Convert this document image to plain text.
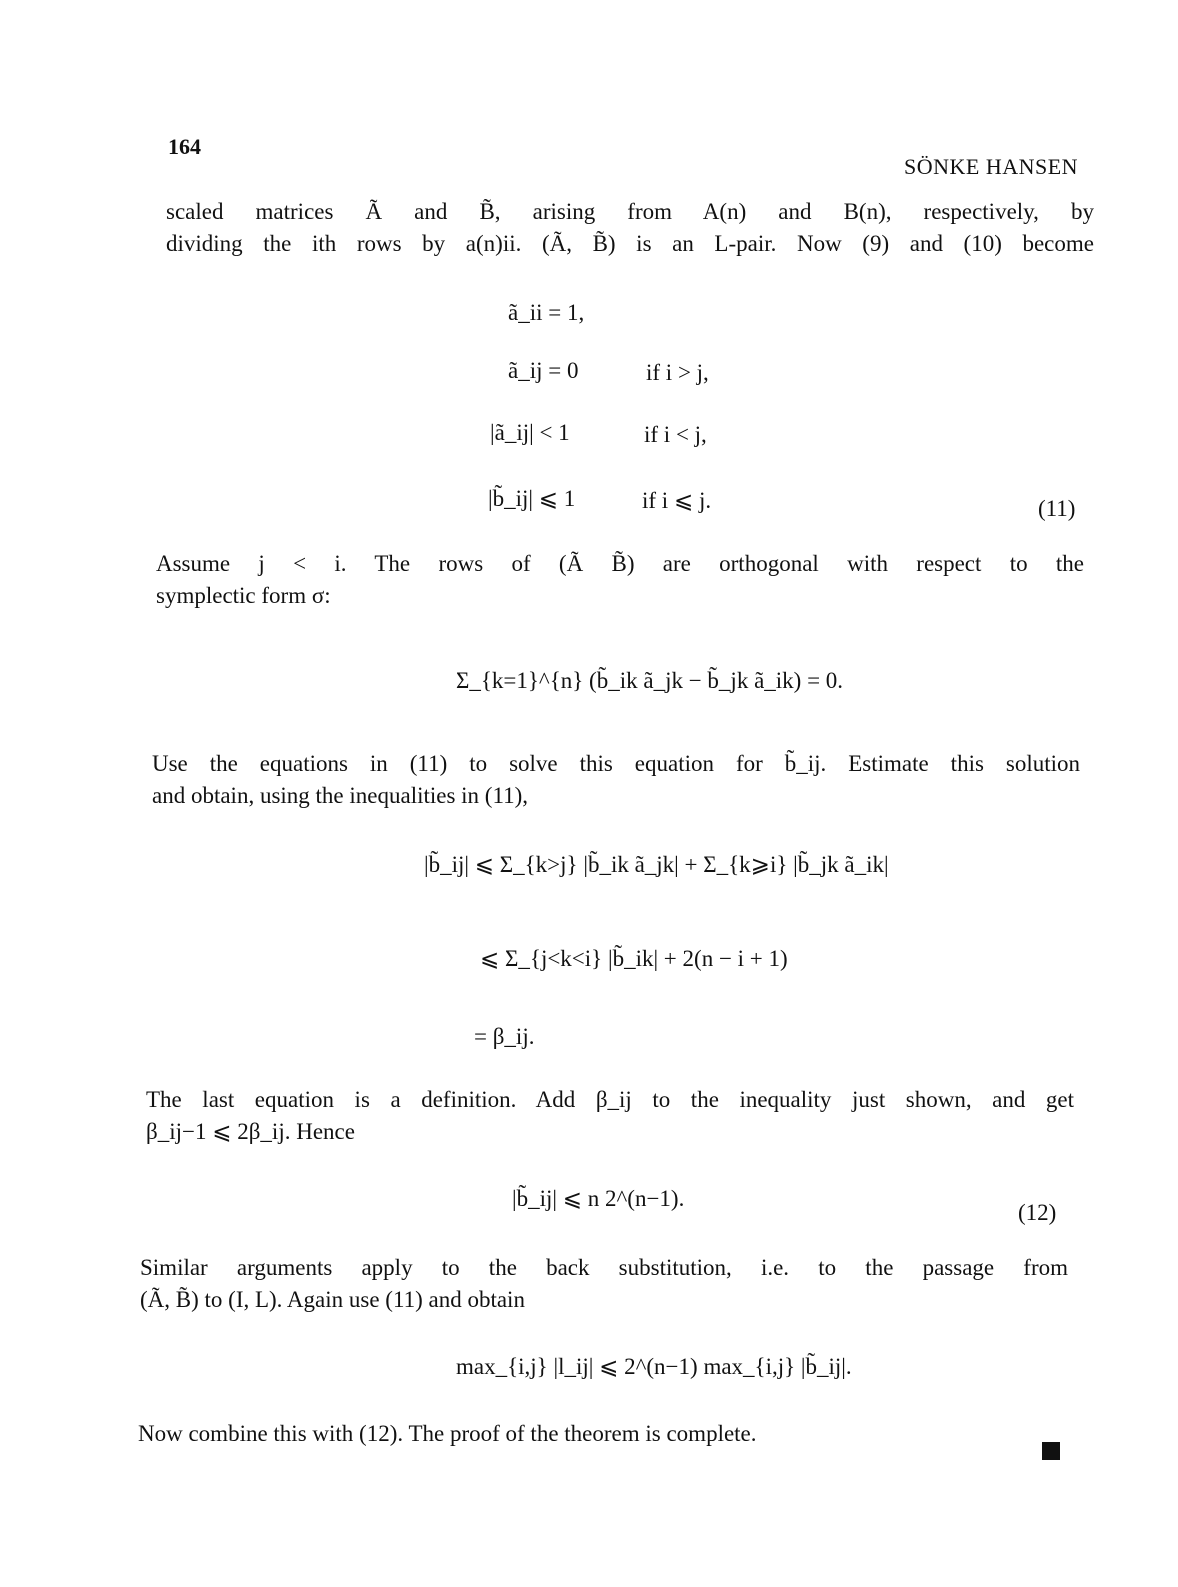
164
SÖNKE HANSEN
scaled matrices Ã and B̃, arising from A(n) and B(n), respectively, by
dividing the ith rows by a(n)ii. (Ã, B̃) is an L-pair. Now (9) and (10) become
ã_ii = 1,
ã_ij = 0	if i > j,
|ã_ij| < 1	if i < j,
|b̃_ij| ⩽ 1	if i ⩽ j.	(11)
Assume j < i. The rows of (Ã B̃) are orthogonal with respect to the
symplectic form σ:
Σ_{k=1}^{n} (b̃_ik ã_jk − b̃_jk ã_ik) = 0.
Use the equations in (11) to solve this equation for b̃_ij. Estimate this solution
and obtain, using the inequalities in (11),
|b̃_ij| ⩽ Σ_{k>j} |b̃_ik ã_jk| + Σ_{k⩾i} |b̃_jk ã_ik|
⩽ Σ_{j<k<i} |b̃_ik| + 2(n − i + 1)
= β_ij.
The last equation is a definition. Add β_ij to the inequality just shown, and get
β_ij−1 ⩽ 2β_ij. Hence
|b̃_ij| ⩽ n 2^(n−1).
(12)
Similar arguments apply to the back substitution, i.e. to the passage from
(Ã, B̃) to (I, L). Again use (11) and obtain
max_{i,j} |l_ij| ⩽ 2^(n−1) max_{i,j} |b̃_ij|.
Now combine this with (12). The proof of the theorem is complete.
